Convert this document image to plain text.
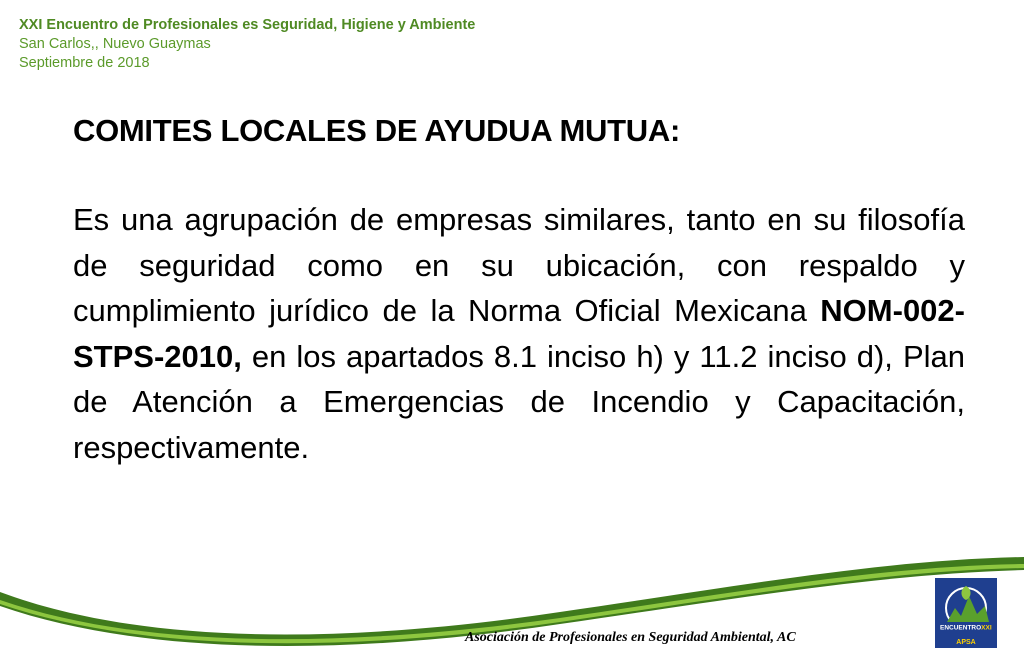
XXI Encuentro de Profesionales es Seguridad, Higiene y Ambiente
San Carlos,, Nuevo Guaymas
Septiembre de 2018
COMITES LOCALES DE AYUDUA MUTUA:
Es una agrupación de empresas similares, tanto en su filosofía de seguridad como en su ubicación, con respaldo y cumplimiento jurídico de la Norma Oficial Mexicana NOM-002-STPS-2010, en los apartados 8.1 inciso h) y 11.2 inciso d), Plan de Atención a Emergencias de Incendio y Capacitación, respectivamente.
Asociación de Profesionales en Seguridad Ambiental, AC
ENCUENTROXXI
APSA
